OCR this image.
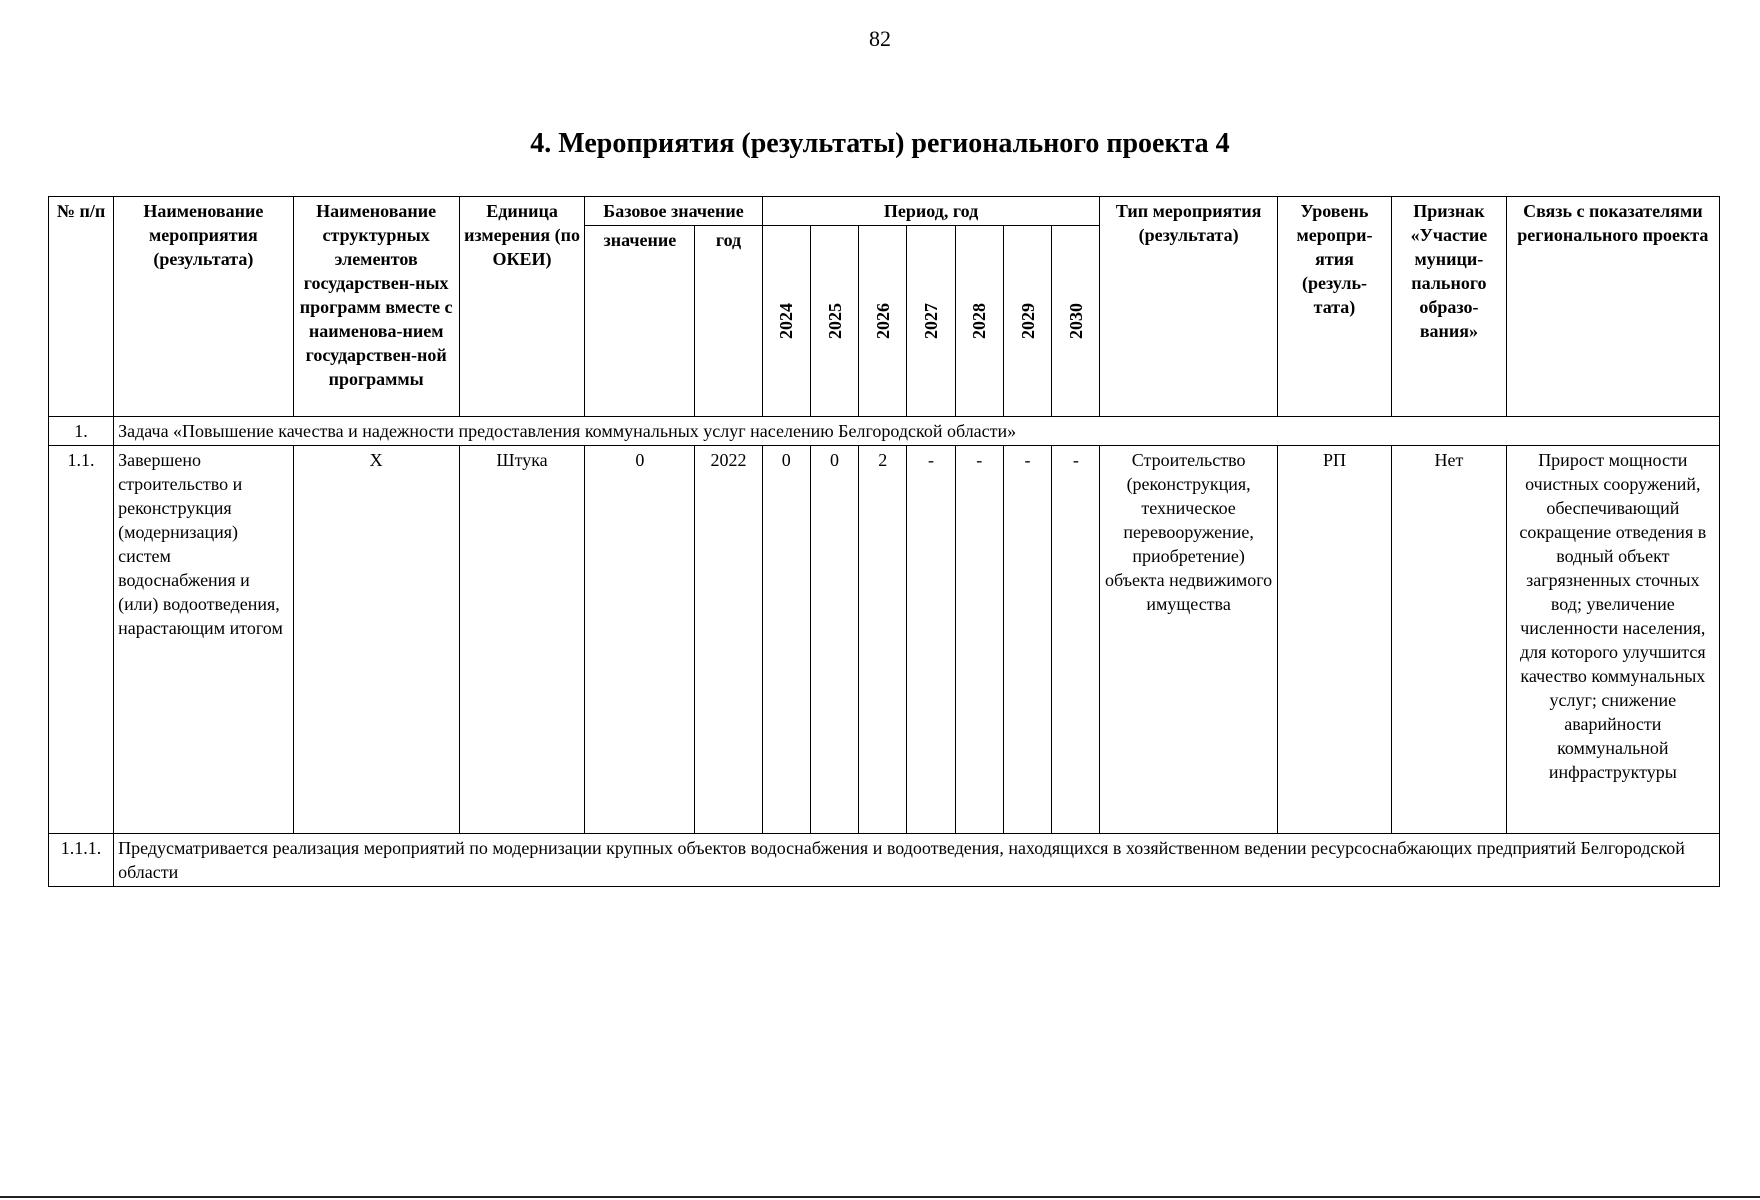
82
4. Мероприятия (результаты) регионального проекта 4
№ п/п	Наименование мероприятия (результата)	Наименование структурных элементов государствен-ных программ вместе с наименова-нием государствен-ной программы	Единица измерения (по ОКЕИ)	Базовое значение		Период, год							Тип мероприятия (результата)	Уровень меропри-ятия (резуль-тата)	Признак «Участие муници-пального образо-вания»	Связь с показателями регионального проекта
				значение	год	2024	2025	2026	2027	2028	2029	2030				

1.	Задача «Повышение качества и надежности предоставления коммунальных услуг населению Белгородской области»															
1.1.	Завершено строительство и реконструкция (модернизация) систем водоснабжения и (или) водоотведения, нарастающим итогом	X	Штука	0	2022	0	0	2	-	-	-	-	Строительство (реконструкция, техническое перевооружение, приобретение) объекта недвижимого имущества	РП	Нет	Прирост мощности очистных сооружений, обеспечивающий сокращение отведения в водный объект загрязненных сточных вод; увеличение численности населения, для которого улучшится качество коммунальных услуг; снижение аварийности коммунальной инфраструктуры
1.1.1.	Предусматривается реализация мероприятий по модернизации крупных объектов водоснабжения и водоотведения, находящихся в хозяйственном ведении ресурсоснабжающих предприятий Белгородской области															
